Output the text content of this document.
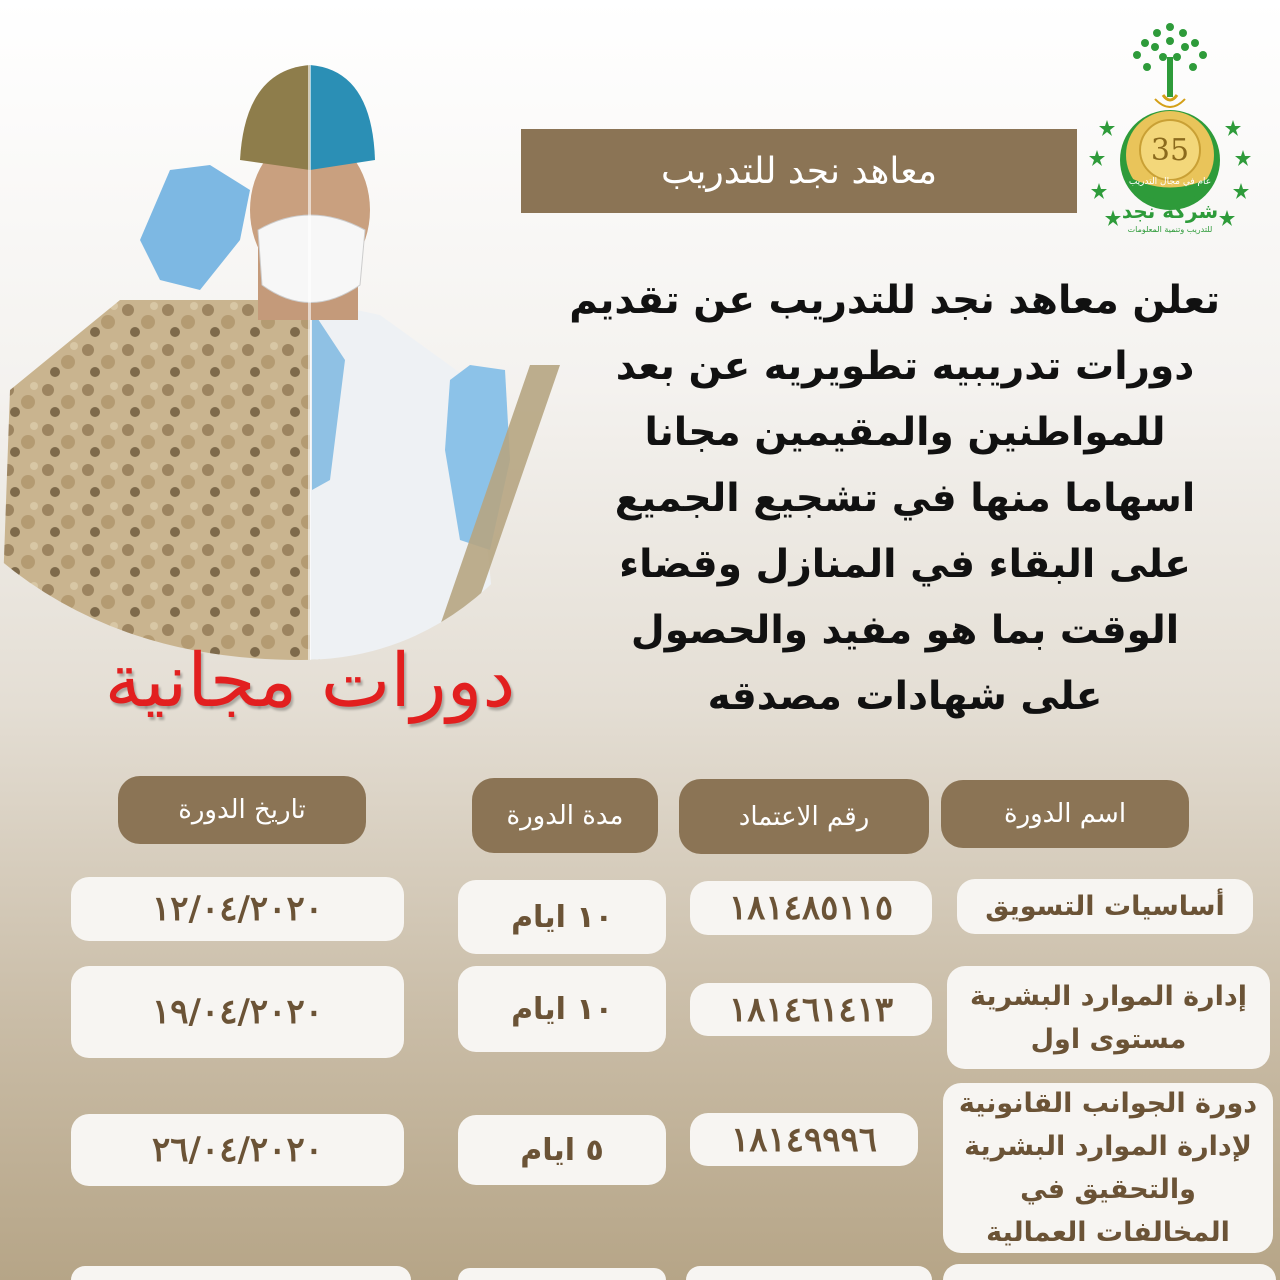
35
عام في مجال التدريب
شركة نجد
للتدريب وتنمية المعلومات
معاهد نجد للتدريب
تعلن معاهد نجد للتدريب عن تقديم
دورات تدريبيه تطويريه عن بعد
للمواطنين والمقيمين مجانا
اسهاما منها في تشجيع الجميع
على البقاء في المنازل وقضاء
الوقت بما هو مفيد والحصول
على شهادات مصدقه
دورات مجانية
اسم الدورة
رقم الاعتماد
مدة الدورة
تاريخ الدورة
أساسيات التسويق
١٨١٤٨٥١١٥
١٠ ايام
١٢/٠٤/٢٠٢٠
إدارة الموارد البشرية مستوى اول
١٨١٤٦١٤١٣
١٠ ايام
١٩/٠٤/٢٠٢٠
دورة الجوانب القانونية لإدارة الموارد البشرية والتحقيق في المخالفات العمالية
١٨١٤٩٩٩٦
٥ ايام
٢٦/٠٤/٢٠٢٠
